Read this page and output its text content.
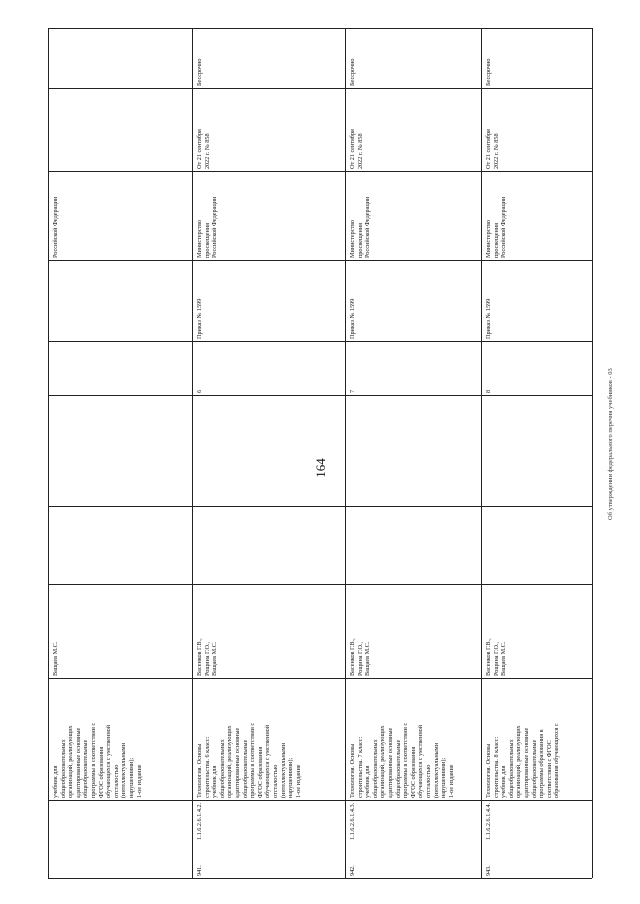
164	Об утверждении федерального перечня учебников - 03
учебник для общеобразовательных организаций, реализующих адаптированные основные общеобразовательные программы в соответствии с ФГОС образования обучающихся с умственной отсталостью (интеллектуальными нарушениями); 1-ое издание
Ващаев М.С.
Российской Федерации
941.
1.1.6.2.6.1.4.2.
Технология. Основы строительства. 6 класс: учебник для общеобразовательных организаций, реализующих адаптированные основные общеобразовательные программы в соответствии с ФГОС образования обучающихся с умственной отсталостью (интеллектуальными нарушениями); 1-ое издание
Васенков Г.В., Рощина Г.О., Ващаев М.С.
6
Приказ № 1599
Министерство просвещения Российской Федерации
От 21 сентября 2022 г. № 858
Бессрочно
942.
1.1.6.2.6.1.4.3.
Технология. Основы строительства. 7 класс: учебник для общеобразовательных организаций, реализующих адаптированные основные общеобразовательные программы в соответствии с ФГОС образования обучающихся с умственной отсталостью (интеллектуальными нарушениями); 1-ое издание
Васенков Г.В., Рощина Г.О., Ващаев М.С.
7
Приказ № 1599
Министерство просвещения Российской Федерации
От 21 сентября 2022 г. № 858
Бессрочно
943.
1.1.6.2.6.1.4.4.
Технология. Основы строительства. 8 класс: учебник для общеобразовательных организаций, реализующих адаптированные основные общеобразовательные программы образования в соответствии с ФГОС образования обучающихся с
Васенков Г.В., Рощина Г.О., Ващаев М.С.
8
Приказ № 1599
Министерство просвещения Российской Федерации
От 21 сентября 2022 г. № 858
Бессрочно
